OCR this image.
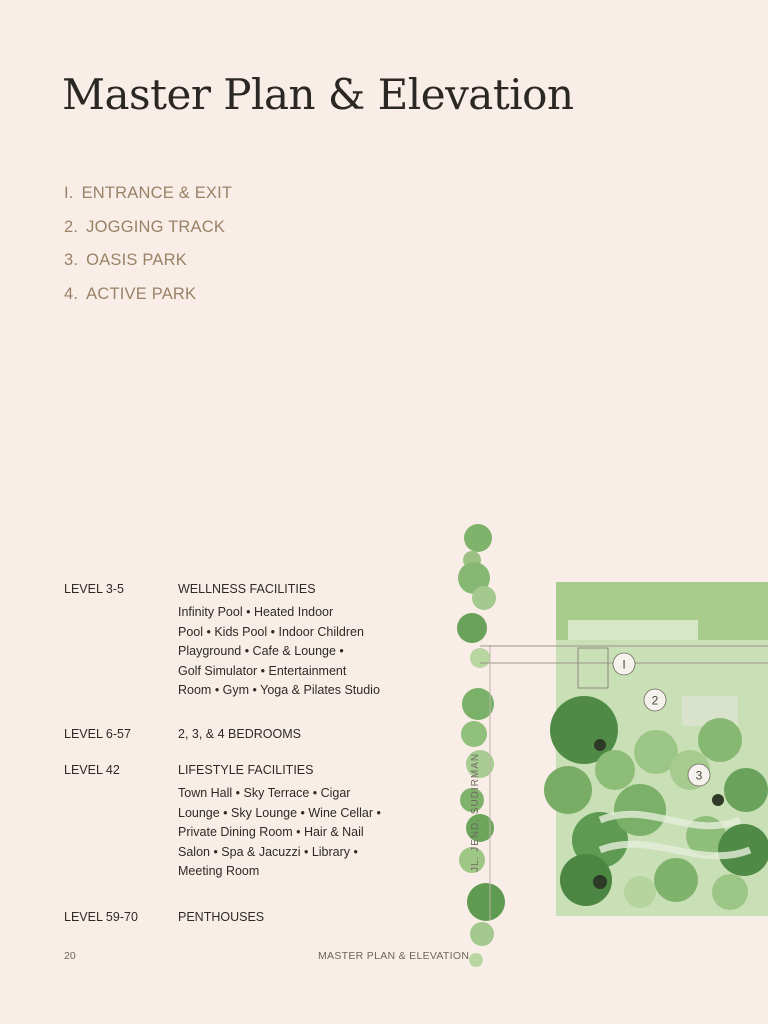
Master Plan & Elevation
I. ENTRANCE & EXIT
2. JOGGING TRACK
3. OASIS PARK
4. ACTIVE PARK
LEVEL 3-5	WELLNESS FACILITIES
Infinity Pool • Heated Indoor
Pool • Kids Pool • Indoor Children
Playground • Cafe & Lounge •
Golf Simulator • Entertainment
Room • Gym • Yoga & Pilates Studio
LEVEL 6-57	2, 3, & 4 BEDROOMS
LEVEL 42	LIFESTYLE FACILITIES
Town Hall • Sky Terrace • Cigar
Lounge • Sky Lounge • Wine Cellar •
Private Dining Room • Hair & Nail
Salon • Spa & Jacuzzi • Library •
Meeting Room
LEVEL 59-70	PENTHOUSES
I
2
3
JL. JEND. SUDIRMAN
20	MASTER PLAN & ELEVATION
